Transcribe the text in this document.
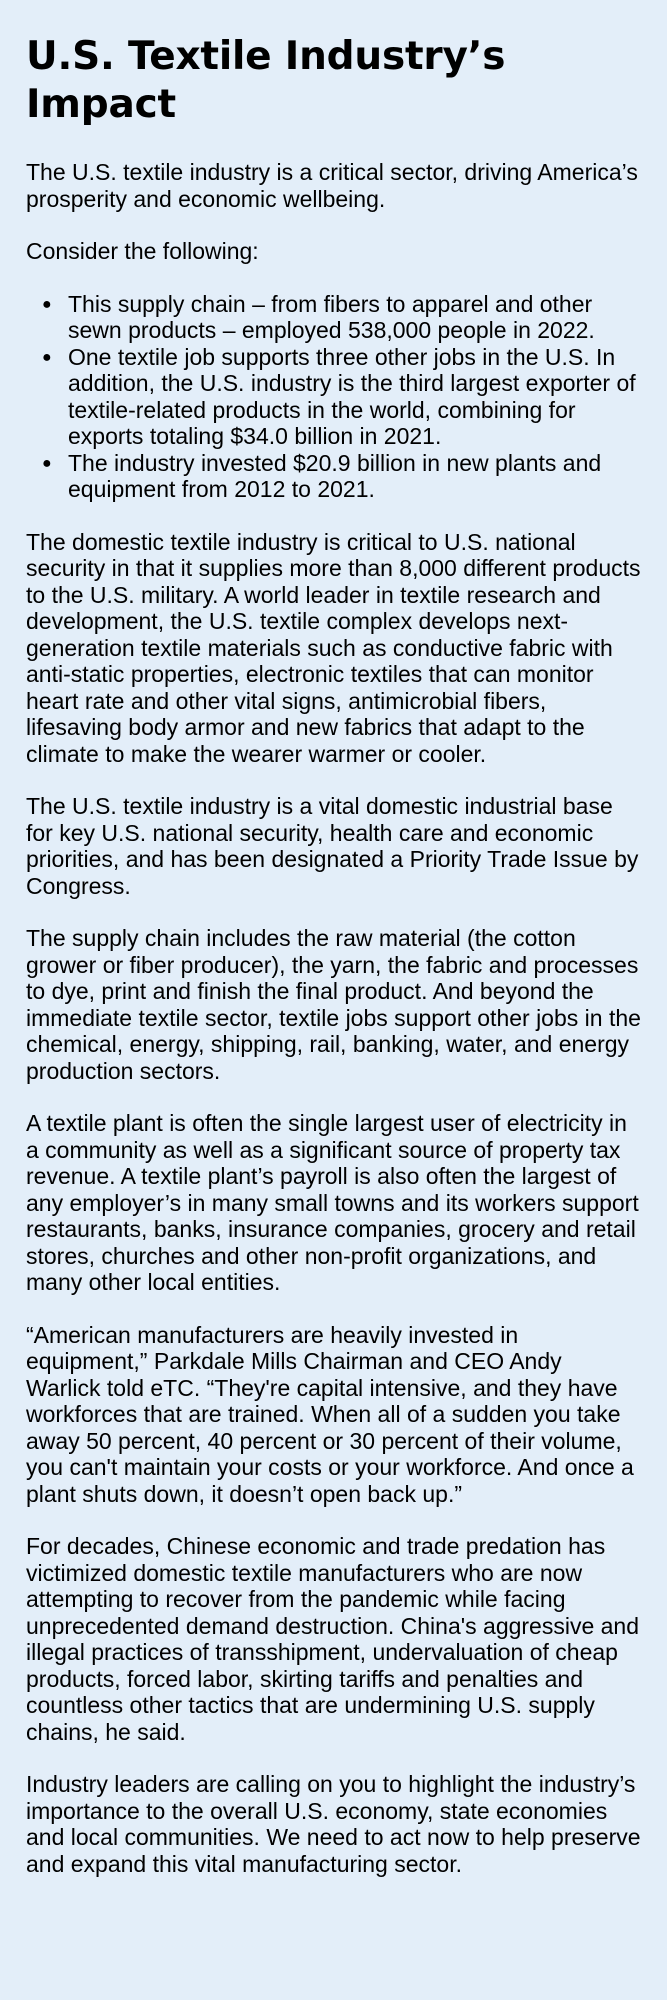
U.S. Textile Industry’s Impact

The U.S. textile industry is a critical sector, driving America’s prosperity and economic wellbeing.

Consider the following:

● This supply chain – from fibers to apparel and other sewn products – employed 538,000 people in 2022.
● One textile job supports three other jobs in the U.S. In addition, the U.S. industry is the third largest exporter of textile-related products in the world, combining for exports totaling $34.0 billion in 2021.
● The industry invested $20.9 billion in new plants and equipment from 2012 to 2021.

The domestic textile industry is critical to U.S. national security in that it supplies more than 8,000 different products to the U.S. military. A world leader in textile research and development, the U.S. textile complex develops next-generation textile materials such as conductive fabric with anti-static properties, electronic textiles that can monitor heart rate and other vital signs, antimicrobial fibers, lifesaving body armor and new fabrics that adapt to the climate to make the wearer warmer or cooler.

The U.S. textile industry is a vital domestic industrial base for key U.S. national security, health care and economic priorities, and has been designated a Priority Trade Issue by Congress.

The supply chain includes the raw material (the cotton grower or fiber producer), the yarn, the fabric and processes to dye, print and finish the final product. And beyond the immediate textile sector, textile jobs support other jobs in the chemical, energy, shipping, rail, banking, water, and energy production sectors.

A textile plant is often the single largest user of electricity in a community as well as a significant source of property tax revenue. A textile plant’s payroll is also often the largest of any employer’s in many small towns and its workers support restaurants, banks, insurance companies, grocery and retail stores, churches and other non-profit organizations, and many other local entities.

“American manufacturers are heavily invested in equipment,” Parkdale Mills Chairman and CEO Andy Warlick told eTC. “They're capital intensive, and they have workforces that are trained. When all of a sudden you take away 50 percent, 40 percent or 30 percent of their volume, you can't maintain your costs or your workforce. And once a plant shuts down, it doesn’t open back up.”

For decades, Chinese economic and trade predation has victimized domestic textile manufacturers who are now attempting to recover from the pandemic while facing unprecedented demand destruction. China's aggressive and illegal practices of transshipment, undervaluation of cheap products, forced labor, skirting tariffs and penalties and countless other tactics that are undermining U.S. supply chains, he said.

Industry leaders are calling on you to highlight the industry’s importance to the overall U.S. economy, state economies and local communities. We need to act now to help preserve and expand this vital manufacturing sector.
